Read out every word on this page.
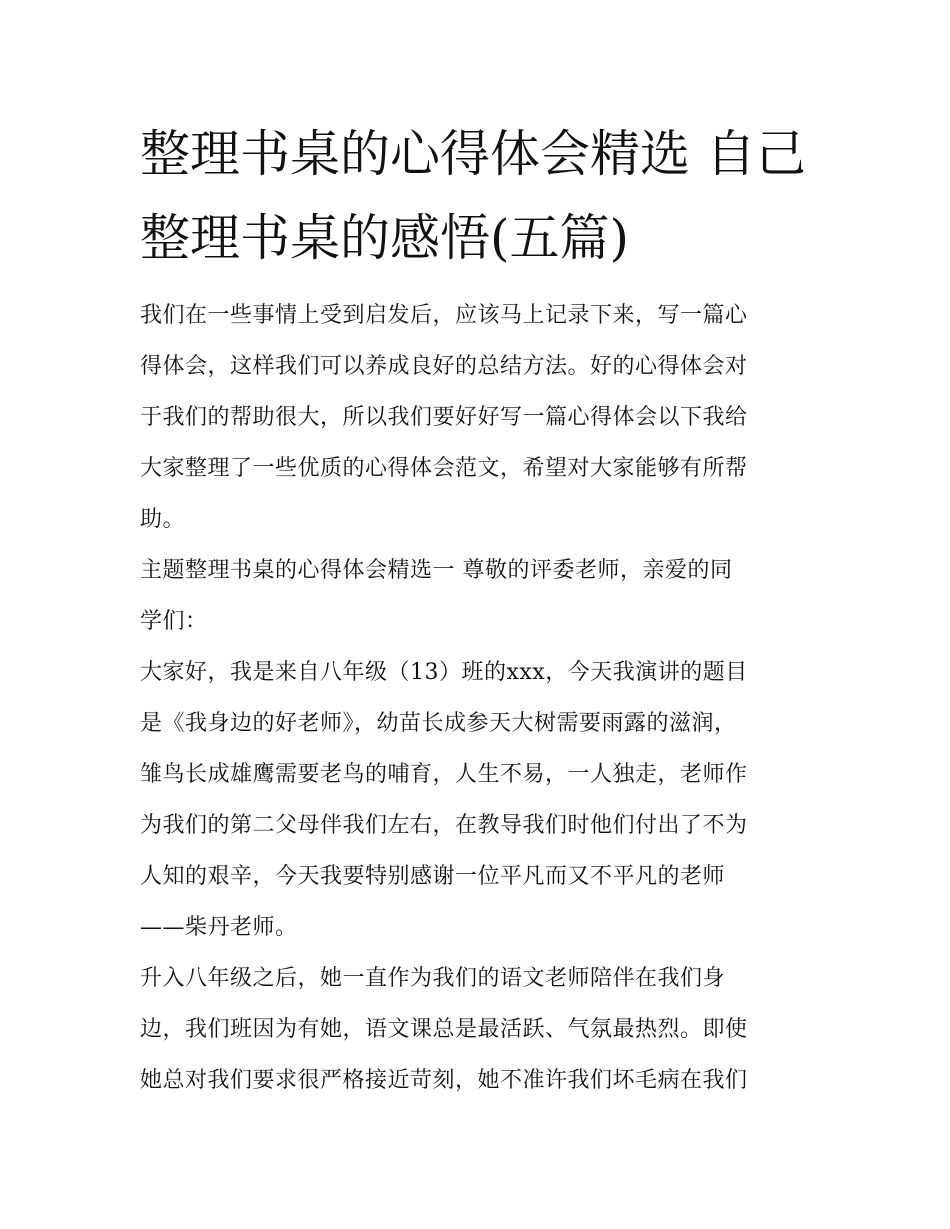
整理书桌的心得体会精选 自己
整理书桌的感悟(五篇)
我们在一些事情上受到启发后，应该马上记录下来，写一篇心
得体会，这样我们可以养成良好的总结方法。好的心得体会对
于我们的帮助很大，所以我们要好好写一篇心得体会以下我给
大家整理了一些优质的心得体会范文，希望对大家能够有所帮
助。
主题整理书桌的心得体会精选一 尊敬的评委老师，亲爱的同
学们：
大家好，我是来自八年级（13）班的xxx，今天我演讲的题目
是《我身边的好老师》，幼苗长成参天大树需要雨露的滋润，
雏鸟长成雄鹰需要老鸟的哺育，人生不易，一人独走，老师作
为我们的第二父母伴我们左右，在教导我们时他们付出了不为
人知的艰辛，今天我要特别感谢一位平凡而又不平凡的老师
——柴丹老师。
升入八年级之后，她一直作为我们的语文老师陪伴在我们身
边，我们班因为有她，语文课总是最活跃、气氛最热烈。即使
她总对我们要求很严格接近苛刻，她不准许我们坏毛病在我们
